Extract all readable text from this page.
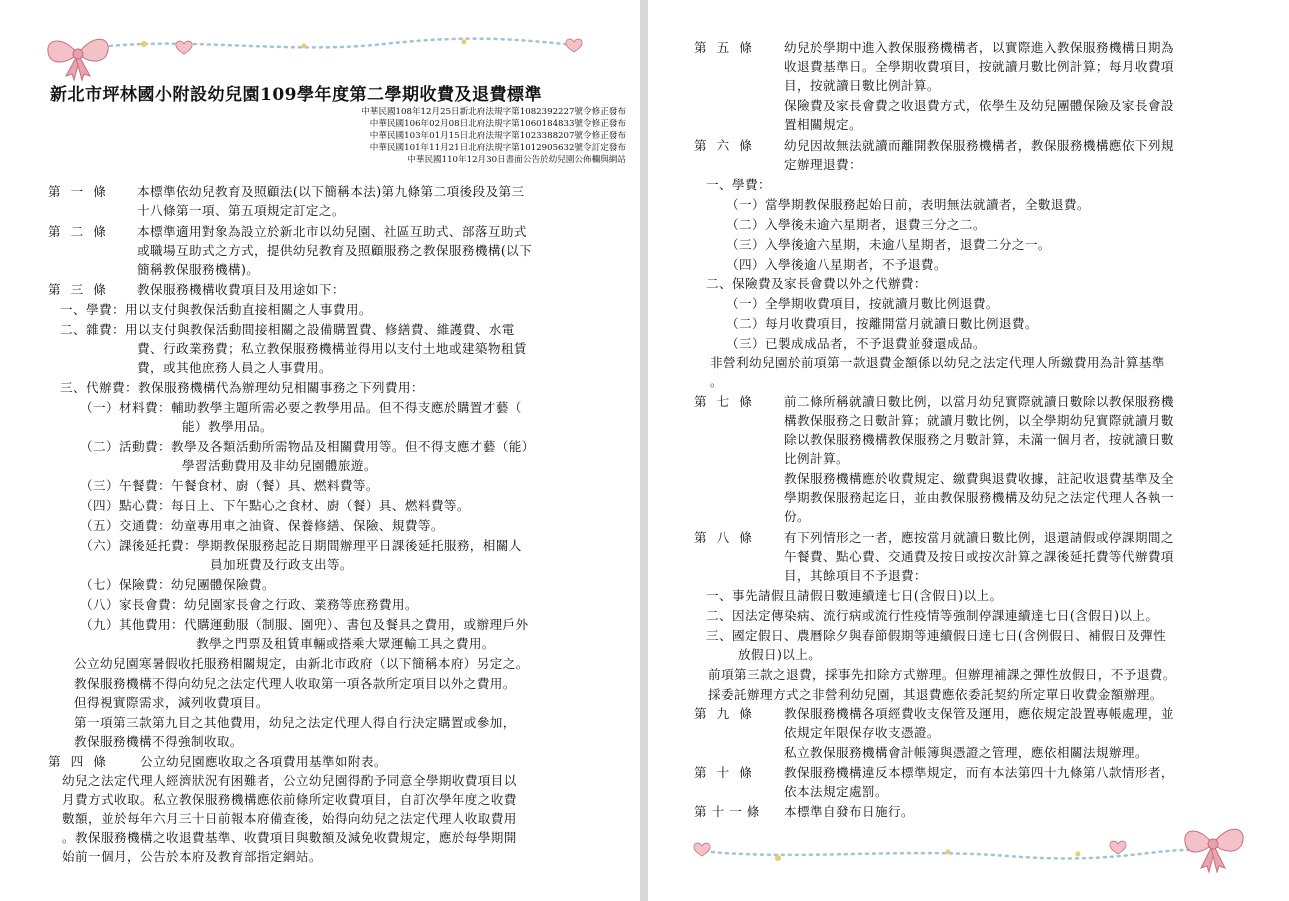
新北市坪林國小附設幼兒園109學年度第二學期收費及退費標準
中華民國108年12月25日新北府法規字第1082392227號令修正發布
中華民國106年02月08日北府法規字第1060184833號令修正發布
中華民國103年01月15日北府法規字第1023388207號令修正發布
中華民國101年11月21日北府法規字第1012905632號令訂定發布
中華民國110年12月30日書面公告於幼兒園公佈欄與網站
第一條 本標準依幼兒教育及照顧法(以下簡稱本法)第九條第二項後段及第三
十八條第一項、第五項規定訂定之。
第二條 本標準適用對象為設立於新北市以幼兒園、社區互助式、部落互助式
或職場互助式之方式，提供幼兒教育及照顧服務之教保服務機構(以下
簡稱教保服務機構)。
第三條 教保服務機構收費項目及用途如下：
一、學費：用以支付與教保活動直接相關之人事費用。
二、雜費：用以支付與教保活動間接相關之設備購置費、修繕費、維護費、水電
費、行政業務費；私立教保服務機構並得用以支付土地或建築物租賃
費，或其他庶務人員之人事費用。
三、代辦費：教保服務機構代為辦理幼兒相關事務之下列費用：
（一）材料費：輔助教學主題所需必要之教學用品。但不得支應於購置才藝（
能）教學用品。
（二）活動費：教學及各類活動所需物品及相關費用等。但不得支應才藝（能）
學習活動費用及非幼兒園體旅遊。
（三）午餐費：午餐食材、廚（餐）具、燃料費等。
（四）點心費：每日上、下午點心之食材、廚（餐）具、燃料費等。
（五）交通費：幼童專用車之油資、保養修繕、保險、規費等。
（六）課後延托費：學期教保服務起訖日期間辦理平日課後延托服務，相關人
員加班費及行政支出等。
（七）保險費：幼兒團體保險費。
（八）家長會費：幼兒園家長會之行政、業務等庶務費用。
（九）其他費用：代購運動服（制服、園兜）、書包及餐具之費用，或辦理戶外
教學之門票及租賃車輛或搭乘大眾運輸工具之費用。
公立幼兒園寒暑假收托服務相關規定，由新北市政府（以下簡稱本府）另定之。
教保服務機構不得向幼兒之法定代理人收取第一項各款所定項目以外之費用。
但得視實際需求，減列收費項目。
第一項第三款第九目之其他費用，幼兒之法定代理人得自行決定購置或參加，
教保服務機構不得強制收取。
第四條 公立幼兒園應收取之各項費用基準如附表。
幼兒之法定代理人經濟狀況有困難者，公立幼兒園得酌予同意全學期收費項目以
月費方式收取。私立教保服務機構應依前條所定收費項目，自訂次學年度之收費
數額，並於每年六月三十日前報本府備查後，始得向幼兒之法定代理人收取費用
。教保服務機構之收退費基準、收費項目與數額及減免收費規定，應於每學期開
始前一個月，公告於本府及教育部指定網站。
第五條 幼兒於學期中進入教保服務機構者，以實際進入教保服務機構日期為
收退費基準日。全學期收費項目，按就讀月數比例計算；每月收費項
目，按就讀日數比例計算。
保險費及家長會費之收退費方式，依學生及幼兒團體保險及家長會設
置相關規定。
第六條 幼兒因故無法就讀而離開教保服務機構者，教保服務機構應依下列規
定辦理退費：
一、學費：
（一）當學期教保服務起始日前，表明無法就讀者，全數退費。
（二）入學後未逾六星期者，退費三分之二。
（三）入學後逾六星期，未逾八星期者，退費二分之一。
（四）入學後逾八星期者，不予退費。
二、保險費及家長會費以外之代辦費：
（一）全學期收費項目，按就讀月數比例退費。
（二）每月收費項目，按離開當月就讀日數比例退費。
（三）已製成成品者，不予退費並發還成品。
非營利幼兒園於前項第一款退費金額係以幼兒之法定代理人所繳費用為計算基準
。
第七條 前二條所稱就讀日數比例，以當月幼兒實際就讀日數除以教保服務機
構教保服務之日數計算；就讀月數比例，以全學期幼兒實際就讀月數
除以教保服務機構教保服務之月數計算，未滿一個月者，按就讀日數
比例計算。
教保服務機構應於收費規定、繳費與退費收據，註記收退費基準及全
學期教保服務起迄日，並由教保服務機構及幼兒之法定代理人各執一
份。
第八條 有下列情形之一者，應按當月就讀日數比例，退還請假或停課期間之
午餐費、點心費、交通費及按日或按次計算之課後延托費等代辦費項
目，其餘項目不予退費：
一、事先請假且請假日數連續達七日(含假日)以上。
二、因法定傳染病、流行病或流行性疫情等強制停課連續達七日(含假日)以上。
三、國定假日、農曆除夕與春節假期等連續假日達七日(含例假日、補假日及彈性
放假日)以上。
前項第三款之退費，採事先扣除方式辦理。但辦理補課之彈性放假日，不予退費。
採委託辦理方式之非營利幼兒園，其退費應依委託契約所定單日收費金額辦理。
第九條 教保服務機構各項經費收支保管及運用，應依規定設置專帳處理，並
依規定年限保存收支憑證。
私立教保服務機構會計帳簿與憑證之管理，應依相關法規辦理。
第十條 教保服務機構違反本標準規定，而有本法第四十九條第八款情形者，
依本法規定處罰。
第十一條 本標準自發布日施行。
